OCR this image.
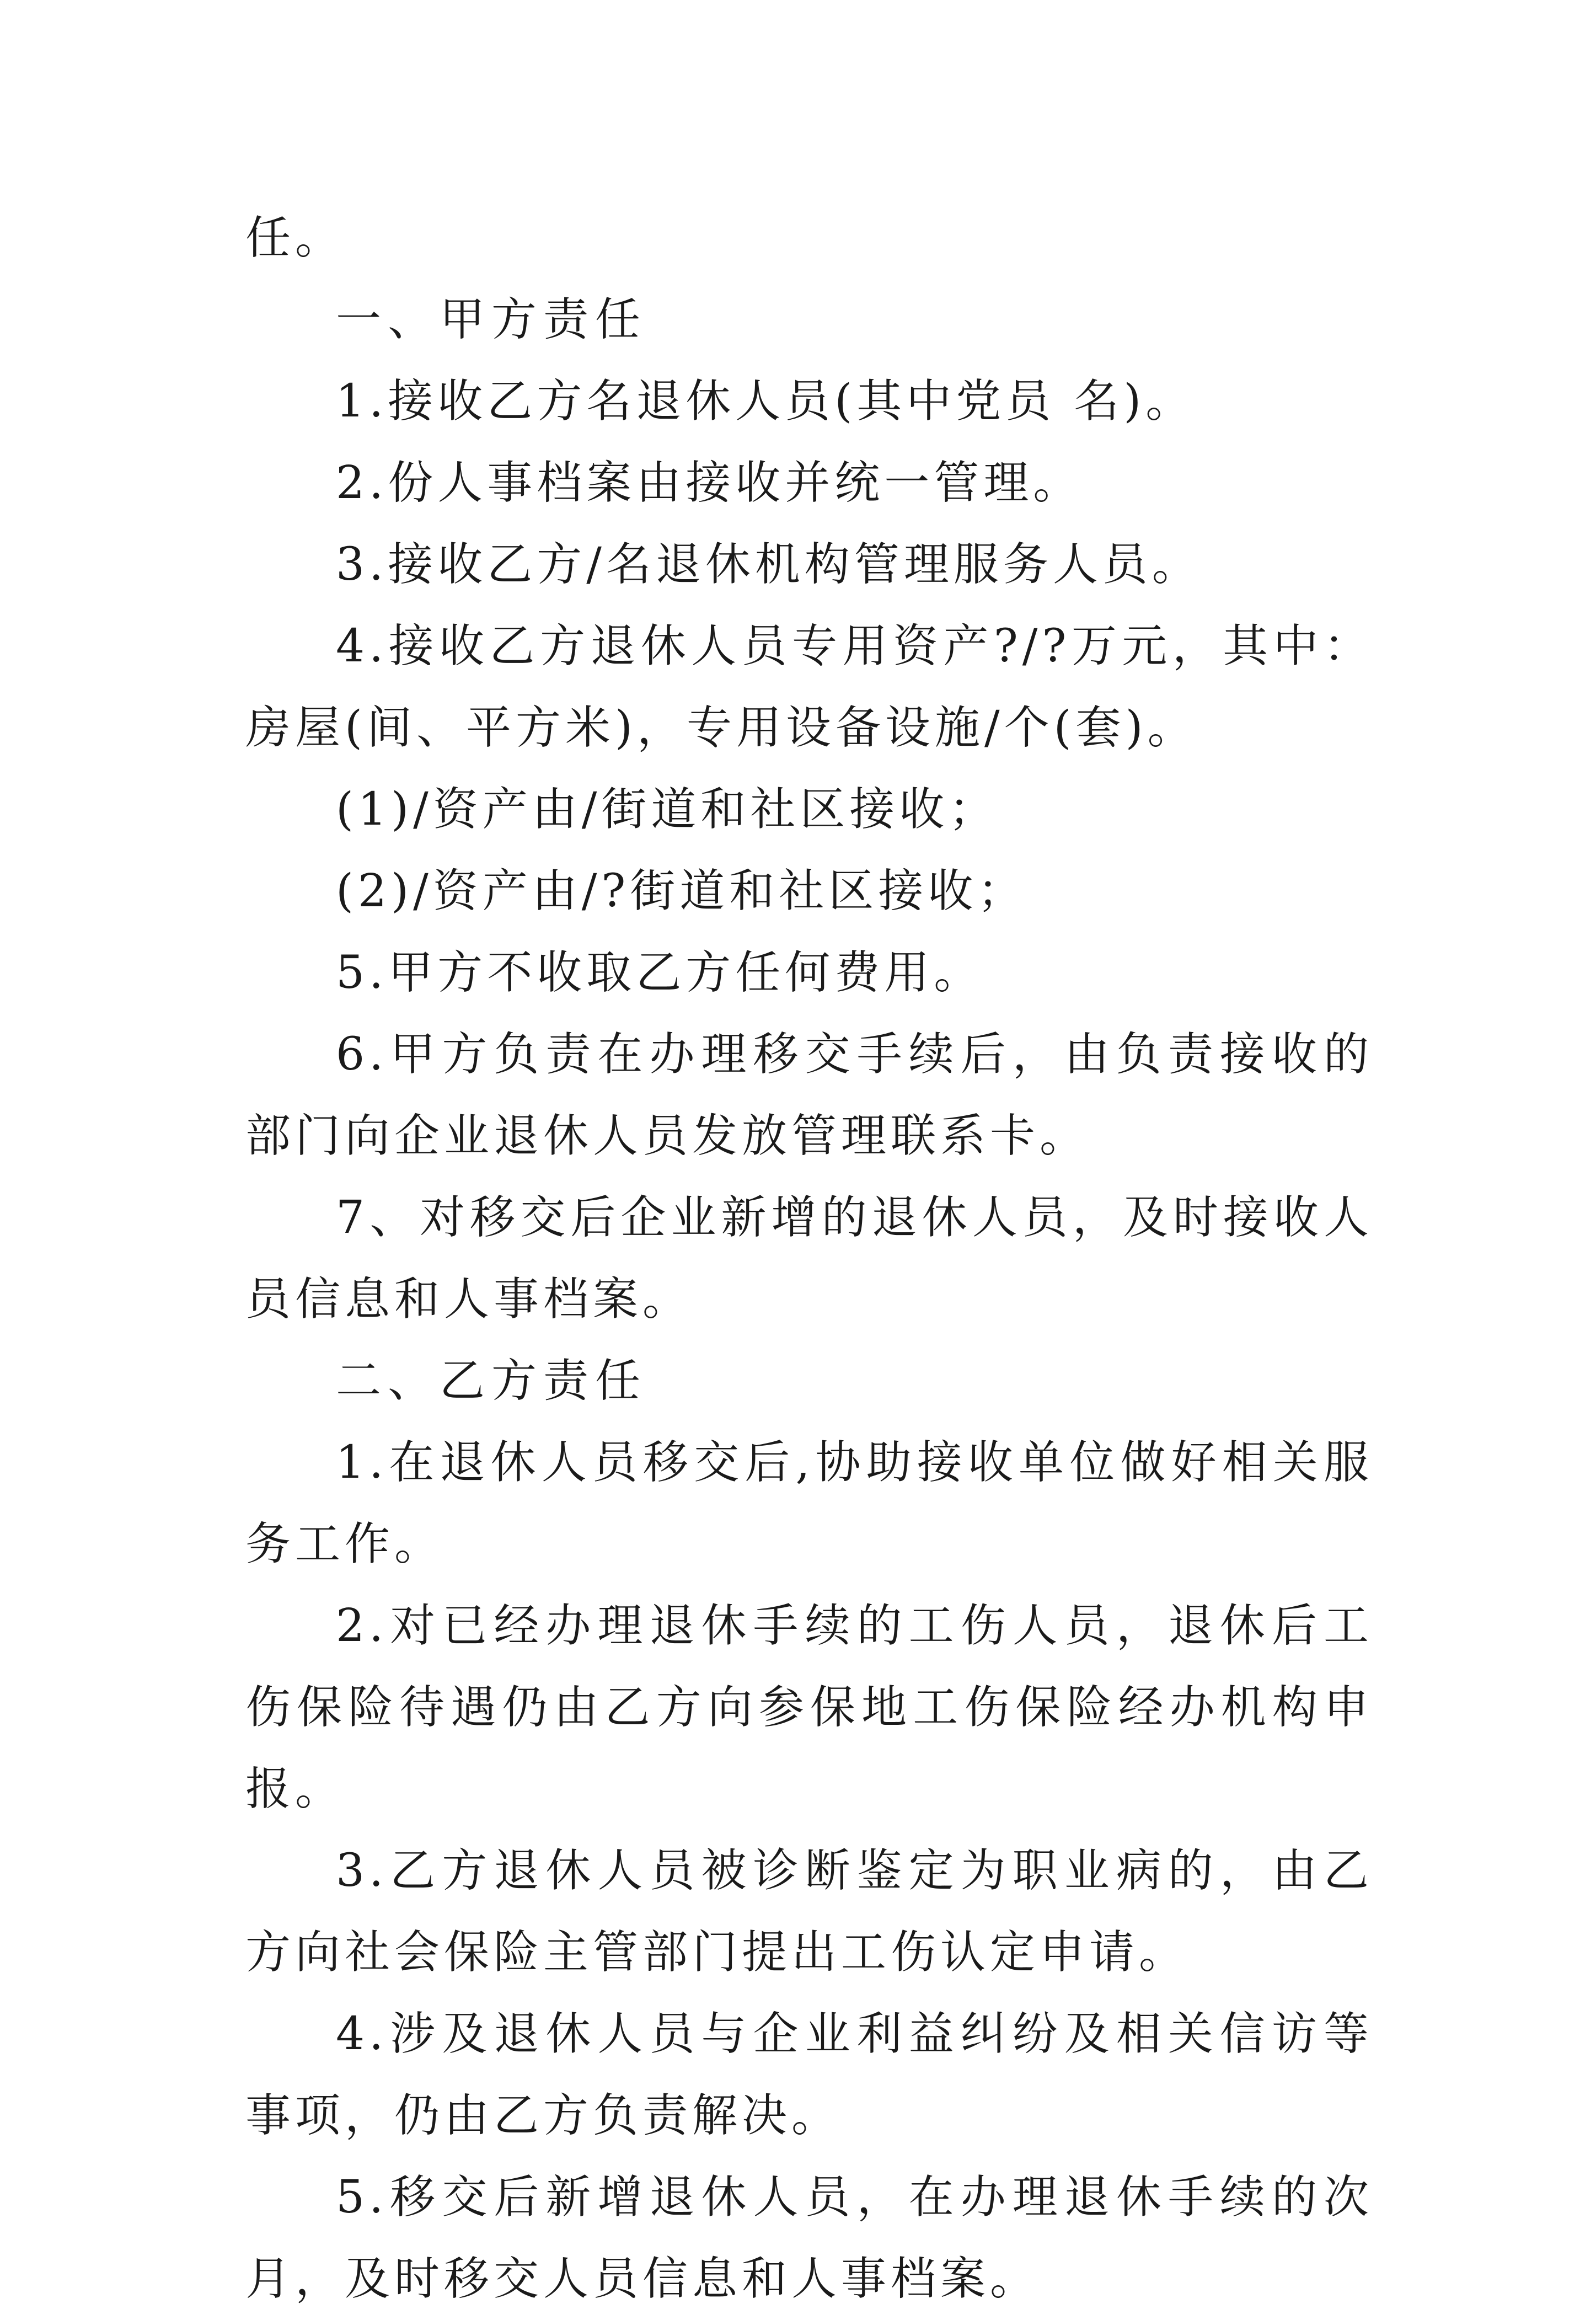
任。

一、甲方责任

1.接收乙方名退休人员(其中党员 名)。

2.份人事档案由接收并统一管理。

3.接收乙方/名退休机构管理服务人员。

4.接收乙方退休人员专用资产?/?万元，其中：房屋(间、平方米)，专用设备设施/个(套)。

(1)/资产由/街道和社区接收；

(2)/资产由/?街道和社区接收；

5.甲方不收取乙方任何费用。

6.甲方负责在办理移交手续后，由负责接收的部门向企业退休人员发放管理联系卡。

7、对移交后企业新增的退休人员，及时接收人员信息和人事档案。

二、乙方责任

1.在退休人员移交后,协助接收单位做好相关服务工作。

2.对已经办理退休手续的工伤人员，退休后工伤保险待遇仍由乙方向参保地工伤保险经办机构申报。

3.乙方退休人员被诊断鉴定为职业病的，由乙方向社会保险主管部门提出工伤认定申请。

4.涉及退休人员与企业利益纠纷及相关信访等事项，仍由乙方负责解决。

5.移交后新增退休人员，在办理退休手续的次月，及时移交人员信息和人事档案。
